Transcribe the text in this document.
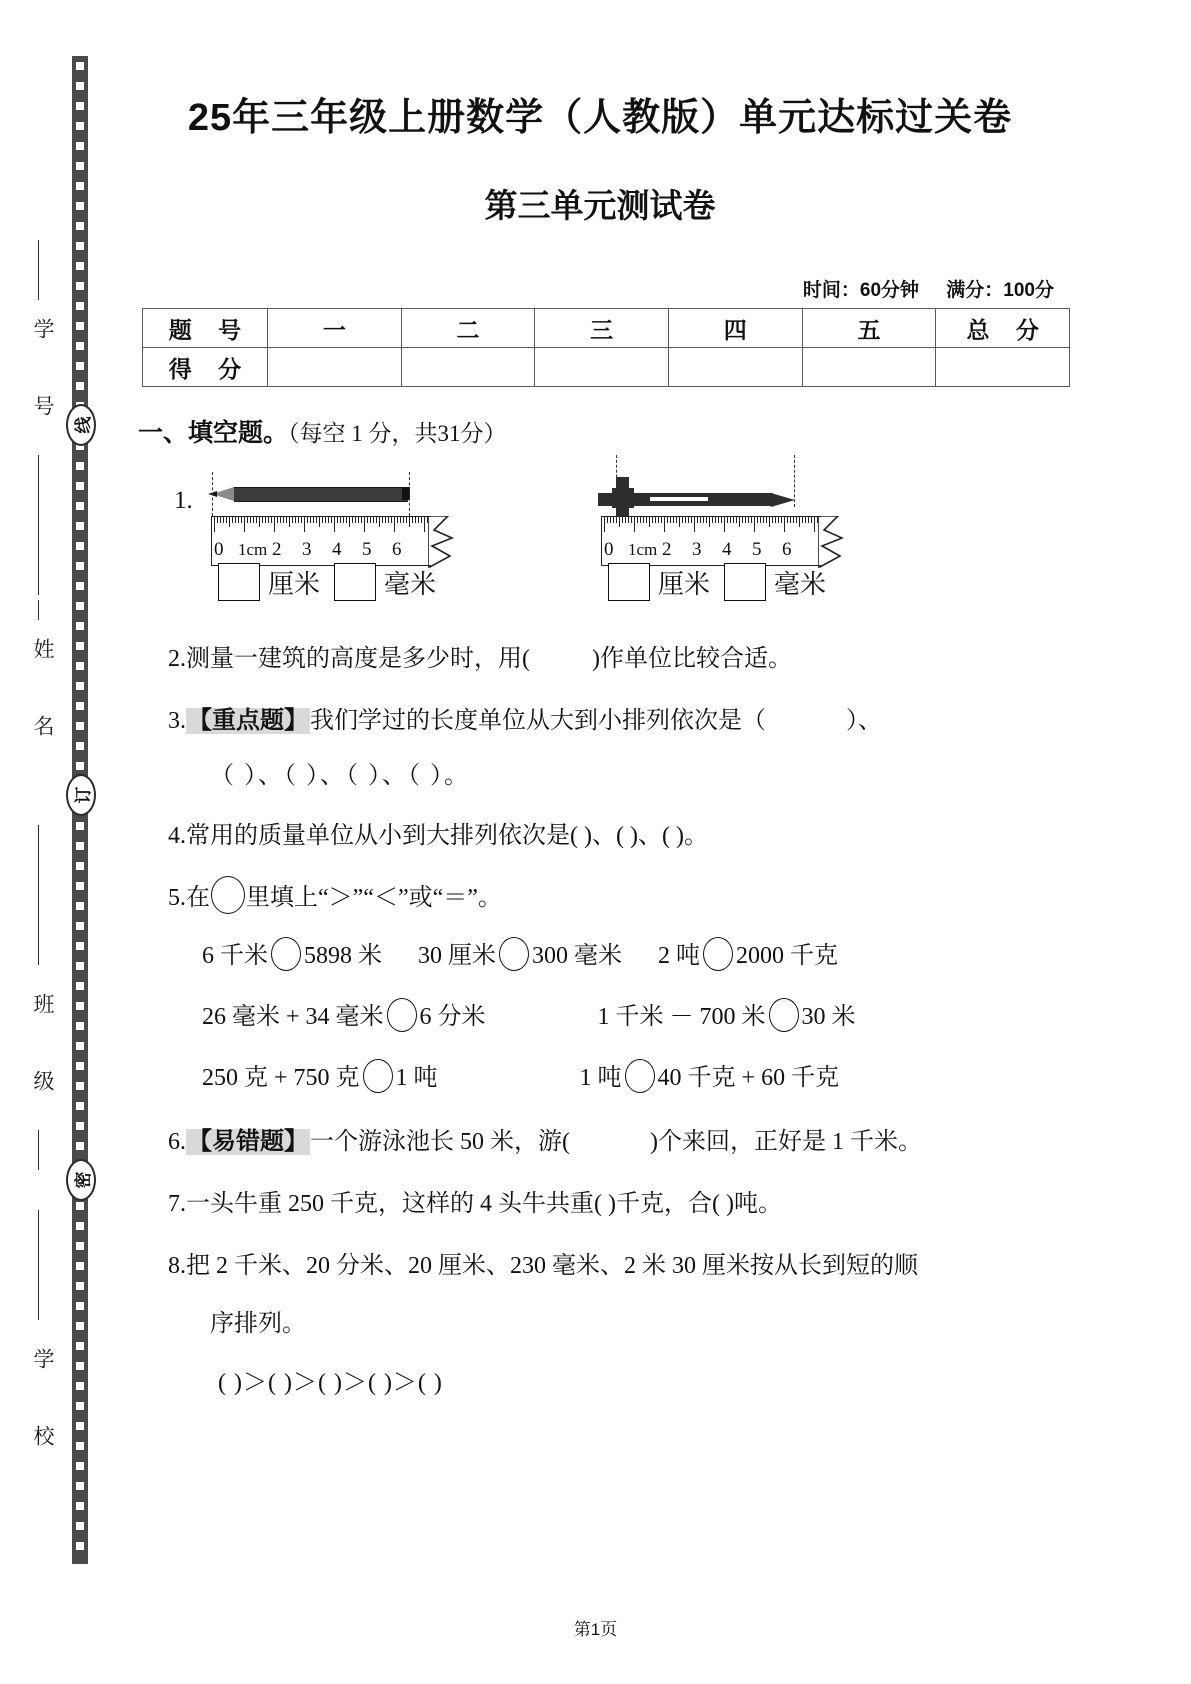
学 号	线
姓 名
订
班 级
密
学 校
25年三年级上册数学（人教版）单元达标过关卷
第三单元测试卷
时间：60分钟 满分：100分
题 号	一	二	三	四	五	总 分
得 分						
一、填空题。（每空 1 分，共31分）
1.
0 1cm 2 3 4 5 6	0 1cm 2 3 4 5 6
厘米 毫米	厘米 毫米
2.测量一建筑的高度是多少时，用(	)作单位比较合适。
3.【重点题】我们学过的长度单位从大到小排列依次是（	）、
（ ）、（ ）、（ ）、（ ）。
4.常用的质量单位从小到大排列依次是( )、( )、( )。
5.在 里填上“＞”“＜”或“＝”。
6 千米 5898 米 30 厘米 300 毫米 2 吨 2000 千克
26 毫米 + 34 毫米 6 分米	1 千米 － 700 米 30 米
250 克 + 750 克 1 吨	1 吨 40 千克 + 60 千克
6.【易错题】一个游泳池长 50 米，游(	)个来回，正好是 1 千米。
7.一头牛重 250 千克，这样的 4 头牛共重( )千克，合( )吨。
8.把 2 千米、20 分米、20 厘米、230 毫米、2 米 30 厘米按从长到短的顺
序排列。
( )＞( )＞( )＞( )＞( )
第1页
